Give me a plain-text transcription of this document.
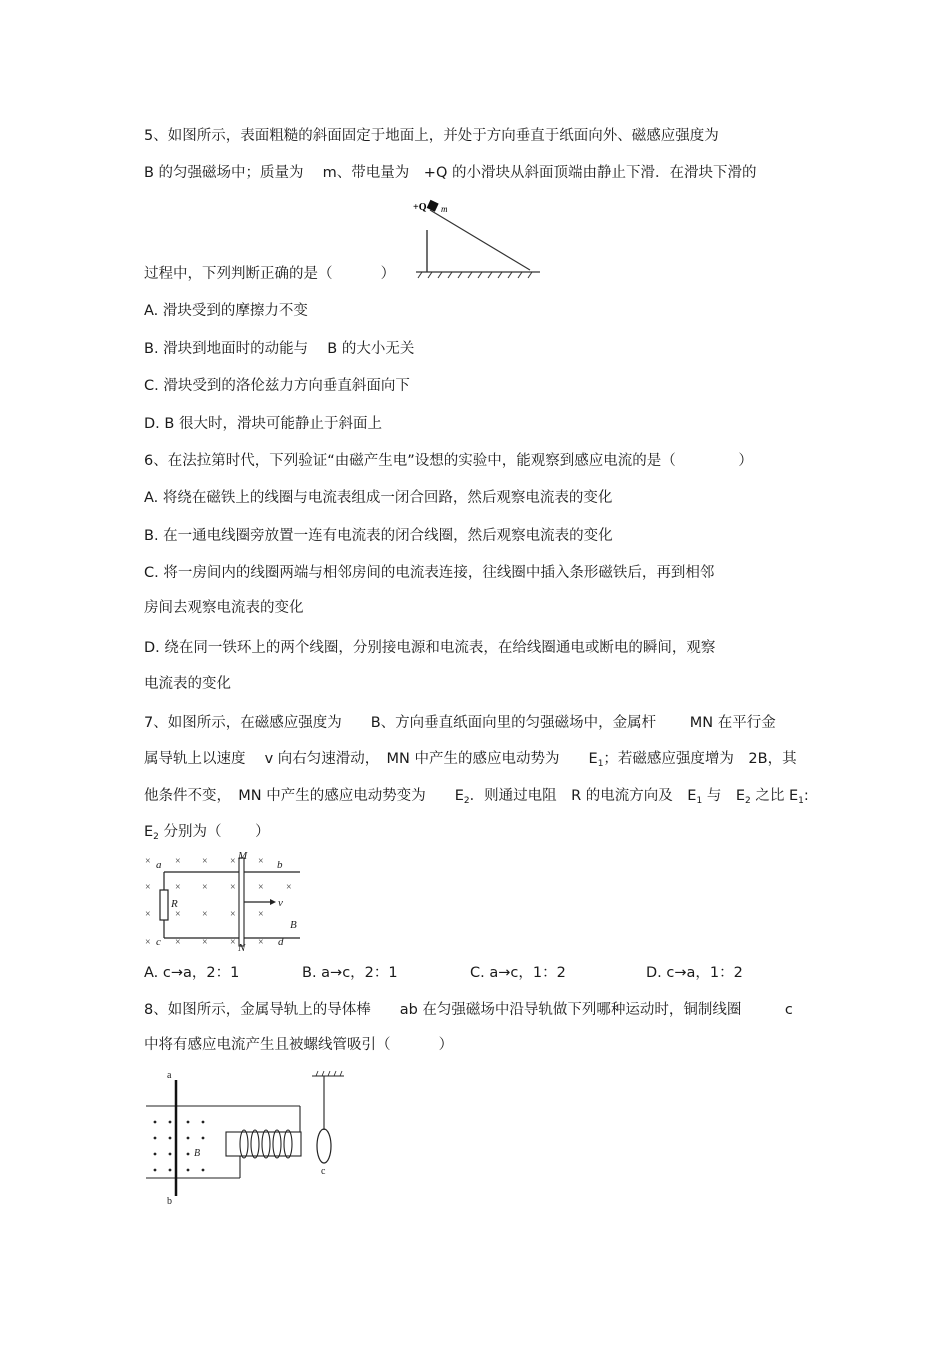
5、如图所示，表面粗糙的斜面固定于地面上，并处于方向垂直于纸面向外、磁感应强度为
B 的匀强磁场中；质量为　 m、带电量为　+Q 的小滑块从斜面顶端由静止下滑．在滑块下滑的
+Q m
过程中，下列判断正确的是（　　　 ）
A. 滑块受到的摩擦力不变
B. 滑块到地面时的动能与　 B 的大小无关
C. 滑块受到的洛伦兹力方向垂直斜面向下
D. B 很大时，滑块可能静止于斜面上
6、在法拉第时代，下列验证“由磁产生电”设想的实验中，能观察到感应电流的是（　　　　 ）
A. 将绕在磁铁上的线圈与电流表组成一闭合回路，然后观察电流表的变化
B. 在一通电线圈旁放置一连有电流表的闭合线圈，然后观察电流表的变化
C. 将一房间内的线圈两端与相邻房间的电流表连接，往线圈中插入条形磁铁后，再到相邻
房间去观察电流表的变化
D. 绕在同一铁环上的两个线圈，分别接电源和电流表，在给线圈通电或断电的瞬间，观察
电流表的变化
7、如图所示，在磁感应强度为　　B、方向垂直纸面向里的匀强磁场中，金属杆　　 MN 在平行金
属导轨上以速度　 v 向右匀速滑动，　MN 中产生的感应电动势为　　$E_1$；若磁感应强度增为　2B，其
他条件不变，　MN 中产生的感应电动势变为　　$E_2$．则通过电阻　R 的电流方向及　$E_1$ 与　$E_2$ 之比 $E_1$:
$E_2$ 分别为（　　 ）
× × × × ×
× × × × × ×
× × × × ×
× × × × ×
a
c
M
N
b
d
R	v
B
A. c→a，2：1	B. a→c，2：1	C. a→c，1：2	D. c→a，1：2
8、如图所示，金属导轨上的导体棒　　ab 在匀强磁场中沿导轨做下列哪种运动时，铜制线圈　　　c
中将有感应电流产生且被螺线管吸引（　　　 ）
a
b
B
c
